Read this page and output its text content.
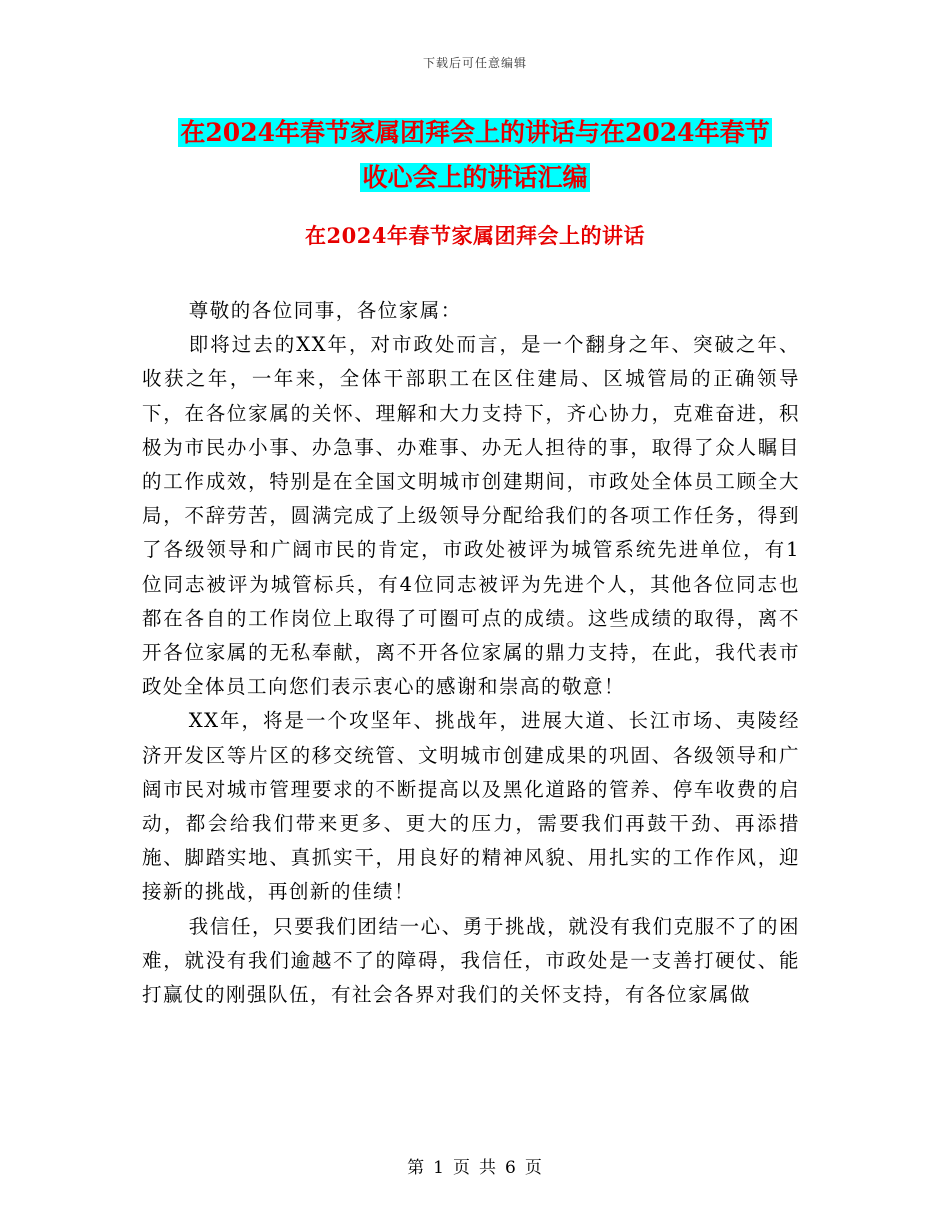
下载后可任意编辑
在2024年春节家属团拜会上的讲话与在2024年春节
收心会上的讲话汇编
在2024年春节家属团拜会上的讲话

尊敬的各位同事，各位家属：

即将过去的XX年，对市政处而言，是一个翻身之年、突破之年、收获之年，一年来，全体干部职工在区住建局、区城管局的正确领导下，在各位家属的关怀、理解和大力支持下，齐心协力，克难奋进，积极为市民办小事、办急事、办难事、办无人担待的事，取得了众人瞩目的工作成效，特别是在全国文明城市创建期间，市政处全体员工顾全大局，不辞劳苦，圆满完成了上级领导分配给我们的各项工作任务，得到了各级领导和广阔市民的肯定，市政处被评为城管系统先进单位，有1位同志被评为城管标兵，有4位同志被评为先进个人，其他各位同志也都在各自的工作岗位上取得了可圈可点的成绩。这些成绩的取得，离不开各位家属的无私奉献，离不开各位家属的鼎力支持，在此，我代表市政处全体员工向您们表示衷心的感谢和崇高的敬意！

XX年，将是一个攻坚年、挑战年，进展大道、长江市场、夷陵经济开发区等片区的移交统管、文明城市创建成果的巩固、各级领导和广阔市民对城市管理要求的不断提高以及黑化道路的管养、停车收费的启动，都会给我们带来更多、更大的压力，需要我们再鼓干劲、再添措施、脚踏实地、真抓实干，用良好的精神风貌、用扎实的工作作风，迎接新的挑战，再创新的佳绩！

我信任，只要我们团结一心、勇于挑战，就没有我们克服不了的困难，就没有我们逾越不了的障碍，我信任，市政处是一支善打硬仗、能打赢仗的刚强队伍，有社会各界对我们的关怀支持，有各位家属做

第 1 页 共 6 页
